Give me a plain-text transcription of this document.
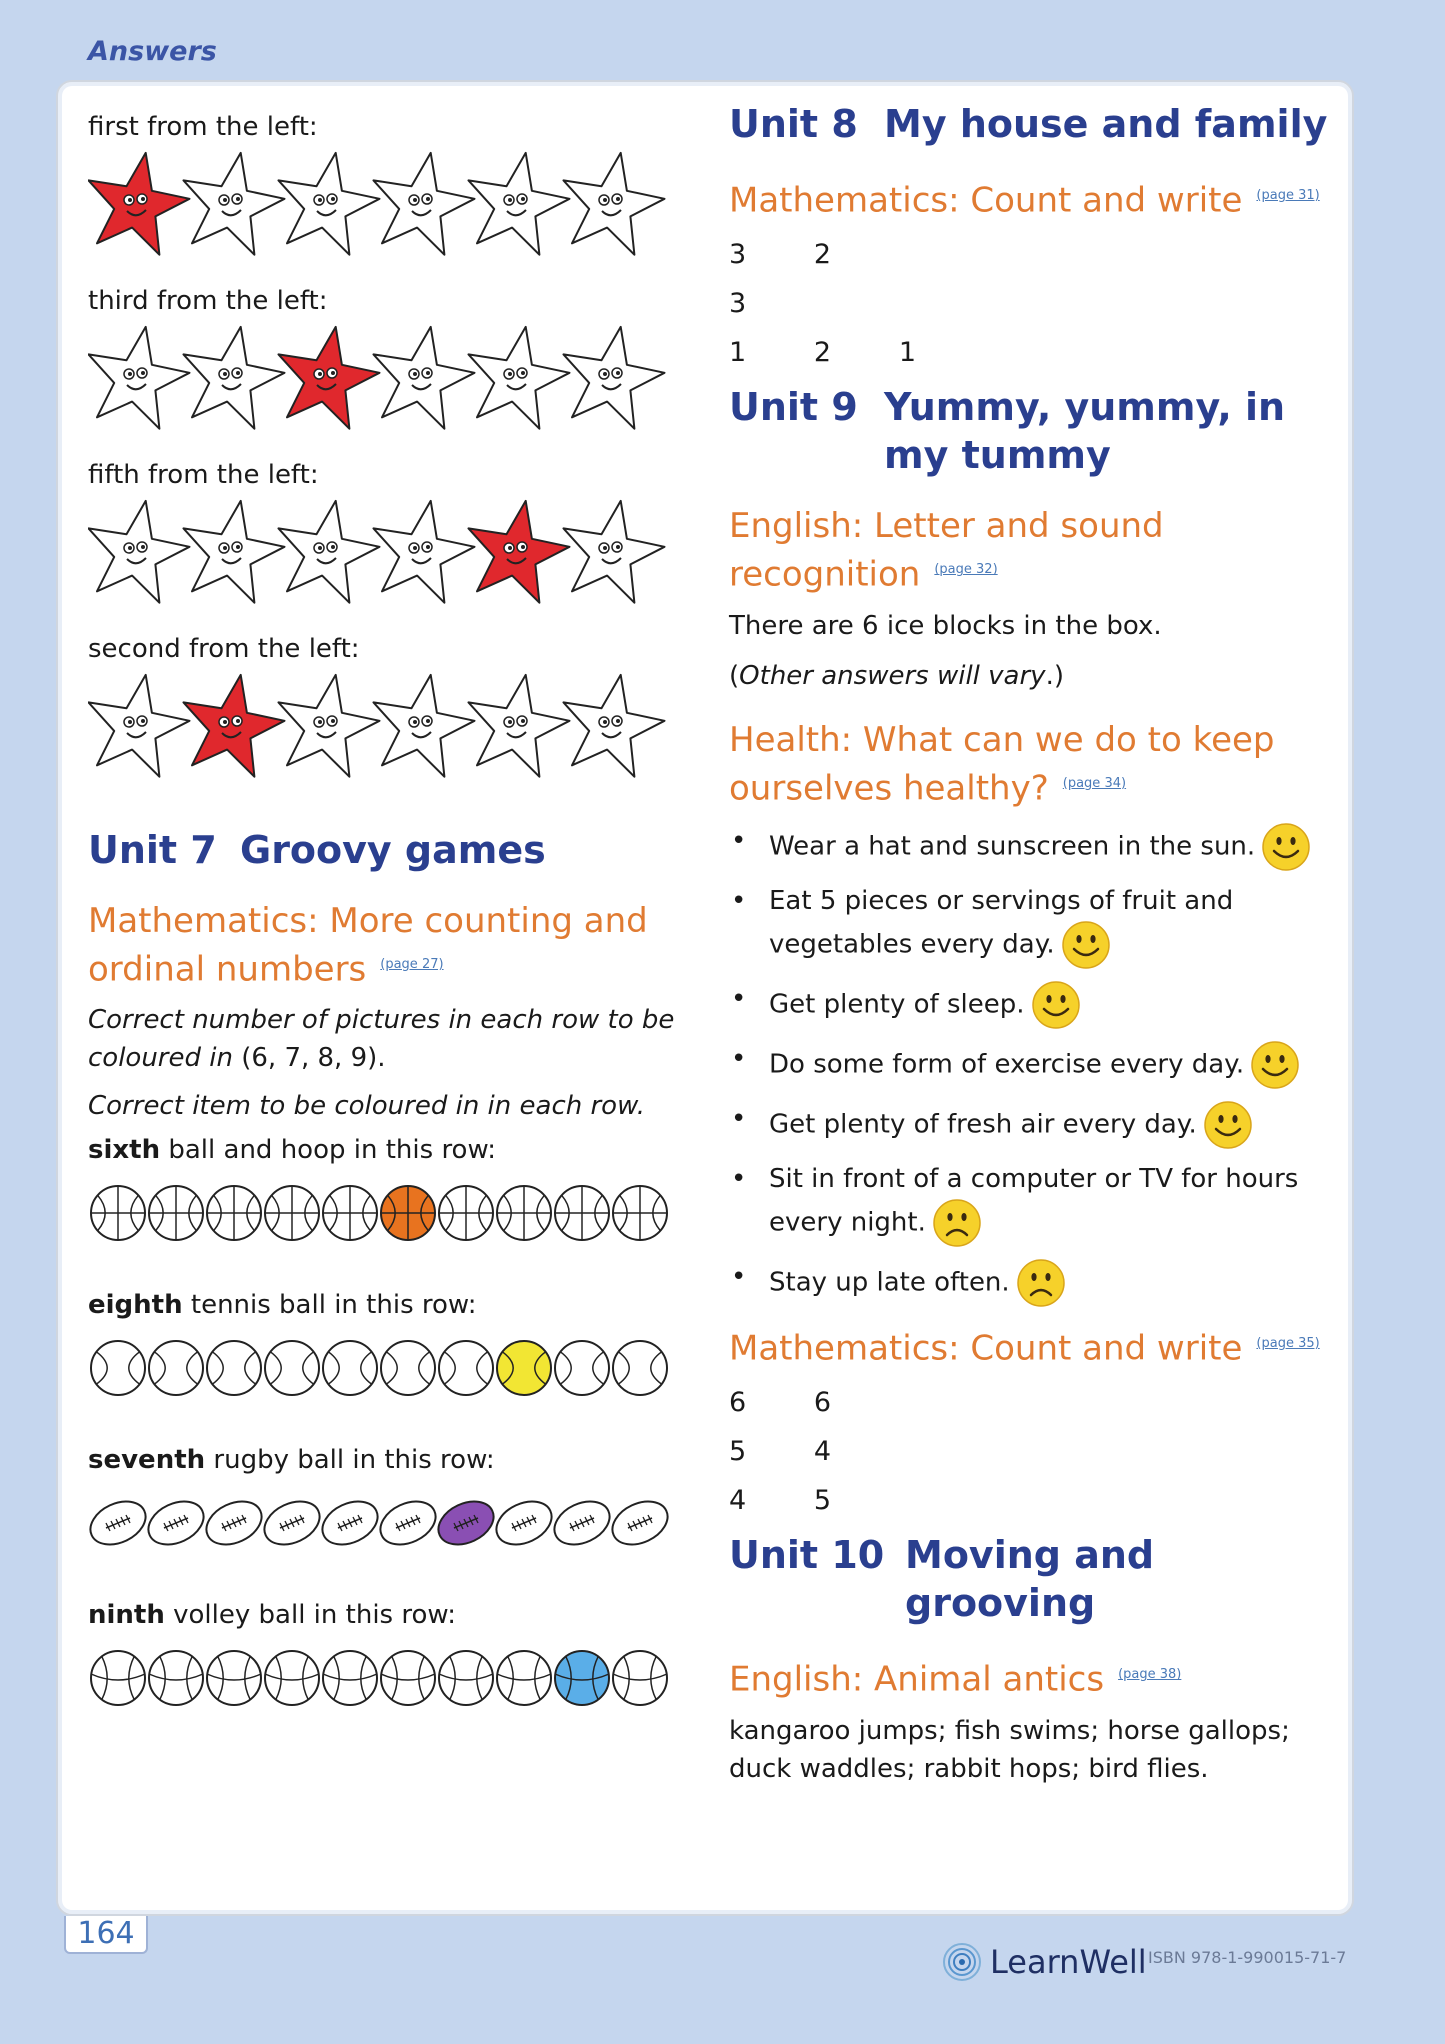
Answers
first from the left:
third from the left:
fifth from the left:
second from the left:
Unit 7 Groovy games
Mathematics: More counting and ordinal numbers $^{(page 27)}$
Correct number of pictures in each row to be coloured in (6, 7, 8, 9).
Correct item to be coloured in in each row.
sixth ball and hoop in this row:
eighth tennis ball in this row:
seventh rugby ball in this row:
ninth volley ball in this row:
Unit 8 My house and family
Mathematics: Count and write $^{(page 31)}$
3   2
3
1   2   1
Unit 9 Yummy, yummy, in my tummy
English: Letter and sound recognition $^{(page 32)}$
There are 6 ice blocks in the box.
(Other answers will vary.)
Health: What can we do to keep ourselves healthy? $^{(page 34)}$
• Wear a hat and sunscreen in the sun.
• Eat 5 pieces or servings of fruit and vegetables every day.
• Get plenty of sleep.
• Do some form of exercise every day.
• Get plenty of fresh air every day.
• Sit in front of a computer or TV for hours every night.
• Stay up late often.
Mathematics: Count and write $^{(page 35)}$
6   6
5   4
4   5
Unit 10 Moving and grooving
English: Animal antics $^{(page 38)}$
kangaroo jumps; fish swims; horse gallops; duck waddles; rabbit hops; bird flies.
164
LearnWell ISBN 978-1-990015-71-7
